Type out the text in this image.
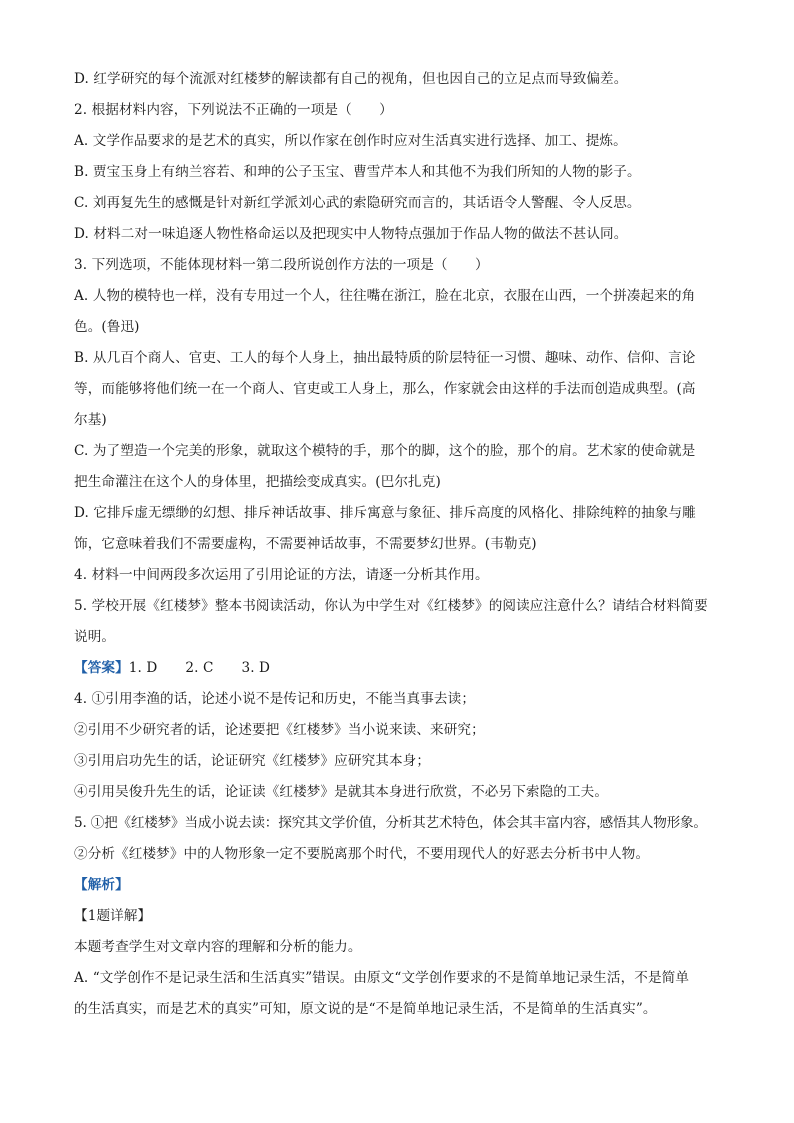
D. 红学研究的每个流派对红楼梦的解读都有自己的视角，但也因自己的立足点而导致偏差。
2. 根据材料内容，下列说法不正确的一项是（　　）
A. 文学作品要求的是艺术的真实，所以作家在创作时应对生活真实进行选择、加工、提炼。
B. 贾宝玉身上有纳兰容若、和珅的公子玉宝、曹雪芹本人和其他不为我们所知的人物的影子。
C. 刘再复先生的感慨是针对新红学派刘心武的索隐研究而言的，其话语令人警醒、令人反思。
D. 材料二对一味追逐人物性格命运以及把现实中人物特点强加于作品人物的做法不甚认同。
3. 下列选项，不能体现材料一第二段所说创作方法的一项是（　　）
A. 人物的模特也一样，没有专用过一个人，往往嘴在浙江，脸在北京，衣服在山西，一个拼凑起来的角
色。(鲁迅)
B. 从几百个商人、官吏、工人的每个人身上，抽出最特质的阶层特征一习惯、趣味、动作、信仰、言论
等，而能够将他们统一在一个商人、官吏或工人身上，那么，作家就会由这样的手法而创造成典型。(高
尔基)
C. 为了塑造一个完美的形象，就取这个模特的手，那个的脚，这个的脸，那个的肩。艺术家的使命就是
把生命灌注在这个人的身体里，把描绘变成真实。(巴尔扎克)
D. 它排斥虚无缥缈的幻想、排斥神话故事、排斥寓意与象征、排斥高度的风格化、排除纯粹的抽象与雕
饰，它意味着我们不需要虚构，不需要神话故事，不需要梦幻世界。(韦勒克)
4. 材料一中间两段多次运用了引用论证的方法，请逐一分析其作用。
5. 学校开展《红楼梦》整本书阅读活动，你认为中学生对《红楼梦》的阅读应注意什么？请结合材料简要
说明。
【答案】1. D 2. C 3. D
4. ①引用李渔的话，论述小说不是传记和历史，不能当真事去读；
②引用不少研究者的话，论述要把《红楼梦》当小说来读、来研究；
③引用启功先生的话，论证研究《红楼梦》应研究其本身；
④引用吴俊升先生的话，论证读《红楼梦》是就其本身进行欣赏，不必另下索隐的工夫。
5. ①把《红楼梦》当成小说去读：探究其文学价值，分析其艺术特色，体会其丰富内容，感悟其人物形象。
②分析《红楼梦》中的人物形象一定不要脱离那个时代，不要用现代人的好恶去分析书中人物。
【解析】
【1题详解】
本题考查学生对文章内容的理解和分析的能力。
A. “文学创作不是记录生活和生活真实”错误。由原文“文学创作要求的不是简单地记录生活，不是简单
的生活真实，而是艺术的真实”可知，原文说的是“不是简单地记录生活，不是简单的生活真实”。
